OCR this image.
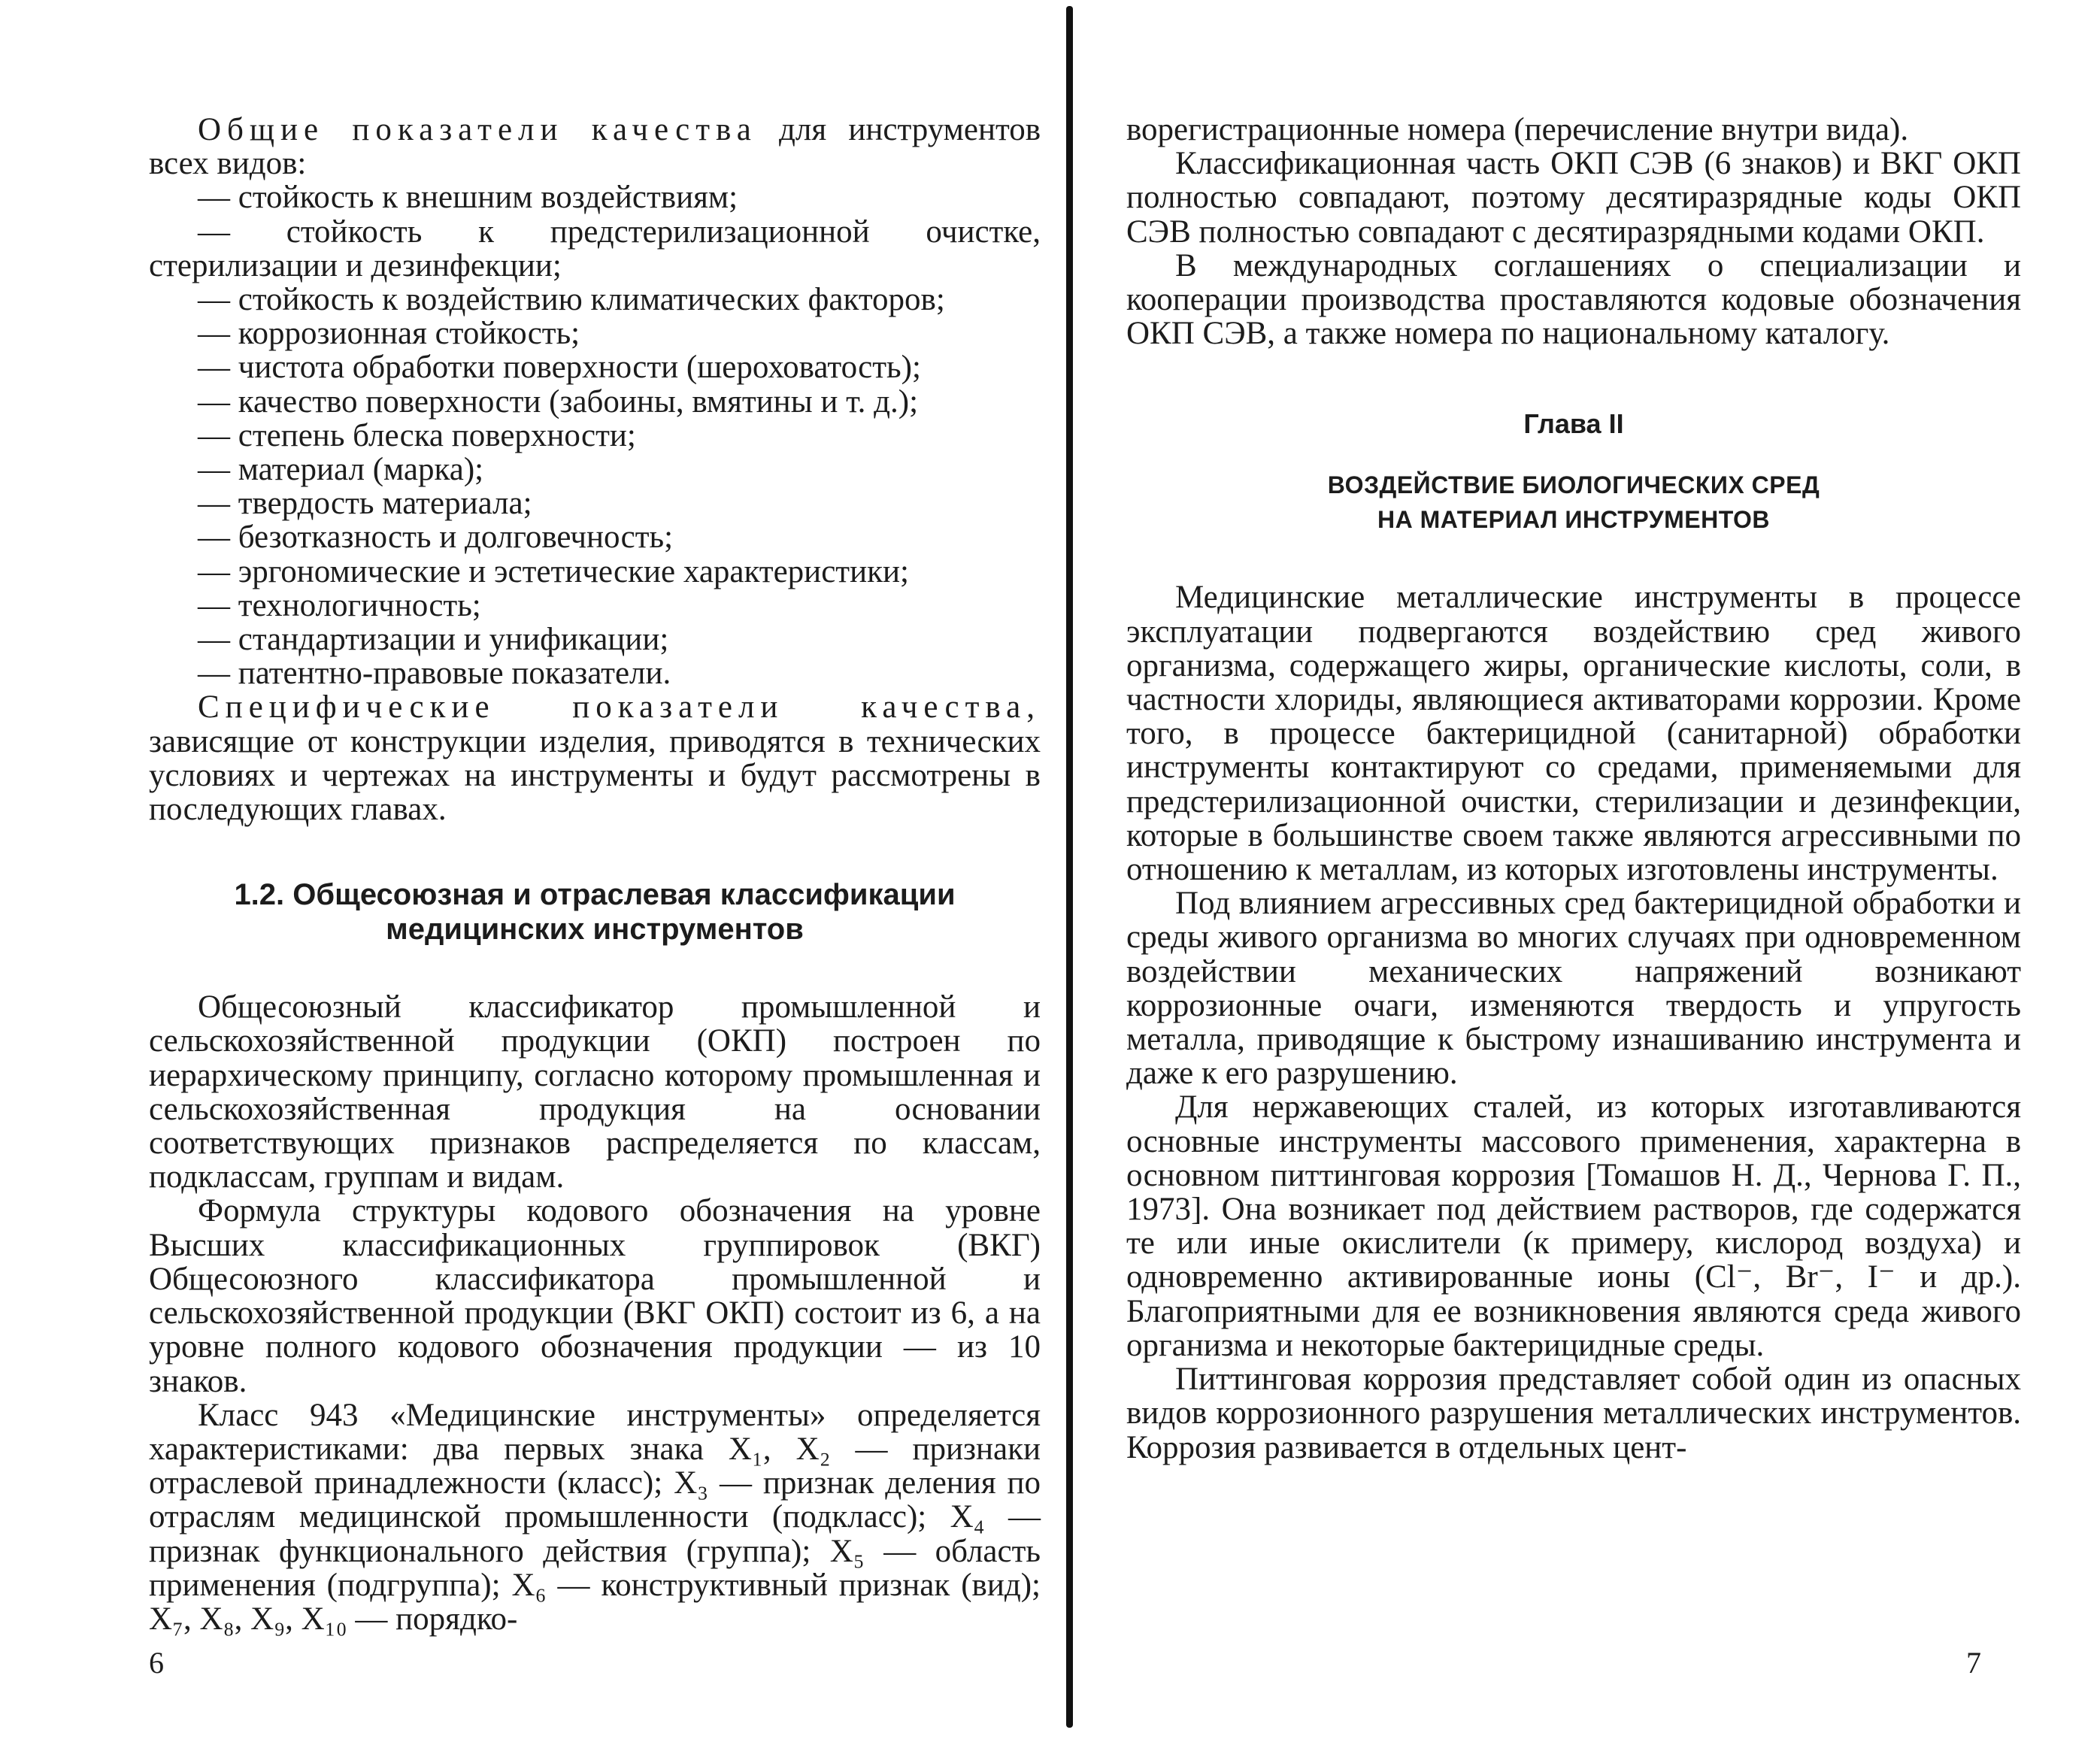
Общие показатели качества для инструментов всех видов:

— стойкость к внешним воздействиям;

— стойкость к предстерилизационной очистке, стерилизации и дезинфекции;

— стойкость к воздействию климатических факторов;

— коррозионная стойкость;

— чистота обработки поверхности (шероховатость);

— качество поверхности (забоины, вмятины и т. д.);

— степень блеска поверхности;

— материал (марка);

— твердость материала;

— безотказность и долговечность;

— эргономические и эстетические характеристики;

— технологичность;

— стандартизации и унификации;

— патентно-правовые показатели.

Специфические показатели качества, зависящие от конструкции изделия, приводятся в технических условиях и чертежах на инструменты и будут рассмотрены в последующих главах.

1.2. Общесоюзная и отраслевая классификации
медицинских инструментов

Общесоюзный классификатор промышленной и сельскохозяйственной продукции (ОКП) построен по иерархическому принципу, согласно которому промышленная и сельскохозяйственная продукция на основании соответствующих признаков распределяется по классам, подклассам, группам и видам.

Формула структуры кодового обозначения на уровне Высших классификационных группировок (ВКГ) Общесоюзного классификатора промышленной и сельскохозяйственной продукции (ВКГ ОКП) состоит из 6, а на уровне полного кодового обозначения продукции — из 10 знаков.

Класс 943 «Медицинские инструменты» определяется характеристиками: два первых знака X₁, X₂ — признаки отраслевой принадлежности (класс); X₃ — признак деления по отраслям медицинской промышленности (подкласс); X₄ — признак функционального действия (группа); X₅ — область применения (подгруппа); X₆ — конструктивный признак (вид); X₇, X₈, X₉, X₁₀ — порядко-

6

ворегистрационные номера (перечисление внутри вида).

Классификационная часть ОКП СЭВ (6 знаков) и ВКГ ОКП полностью совпадают, поэтому десятиразрядные коды ОКП СЭВ полностью совпадают с десятиразрядными кодами ОКП.

В международных соглашениях о специализации и кооперации производства проставляются кодовые обозначения ОКП СЭВ, а также номера по национальному каталогу.

Глава II
ВОЗДЕЙСТВИЕ БИОЛОГИЧЕСКИХ СРЕД
НА МАТЕРИАЛ ИНСТРУМЕНТОВ

Медицинские металлические инструменты в процессе эксплуатации подвергаются воздействию сред живого организма, содержащего жиры, органические кислоты, соли, в частности хлориды, являющиеся активаторами коррозии. Кроме того, в процессе бактерицидной (санитарной) обработки инструменты контактируют со средами, применяемыми для предстерилизационной очистки, стерилизации и дезинфекции, которые в большинстве своем также являются агрессивными по отношению к металлам, из которых изготовлены инструменты.

Под влиянием агрессивных сред бактерицидной обработки и среды живого организма во многих случаях при одновременном воздействии механических напряжений возникают коррозионные очаги, изменяются твердость и упругость металла, приводящие к быстрому изнашиванию инструмента и даже к его разрушению.

Для нержавеющих сталей, из которых изготавливаются основные инструменты массового применения, характерна в основном питтинговая коррозия [Томашов Н. Д., Чернова Г. П., 1973]. Она возникает под действием растворов, где содержатся те или иные окислители (к примеру, кислород воздуха) и одновременно активированные ионы (Cl⁻, Br⁻, I⁻ и др.). Благоприятными для ее возникновения являются среда живого организма и некоторые бактерицидные среды.

Питтинговая коррозия представляет собой один из опасных видов коррозионного разрушения металлических инструментов. Коррозия развивается в отдельных цент-

7
